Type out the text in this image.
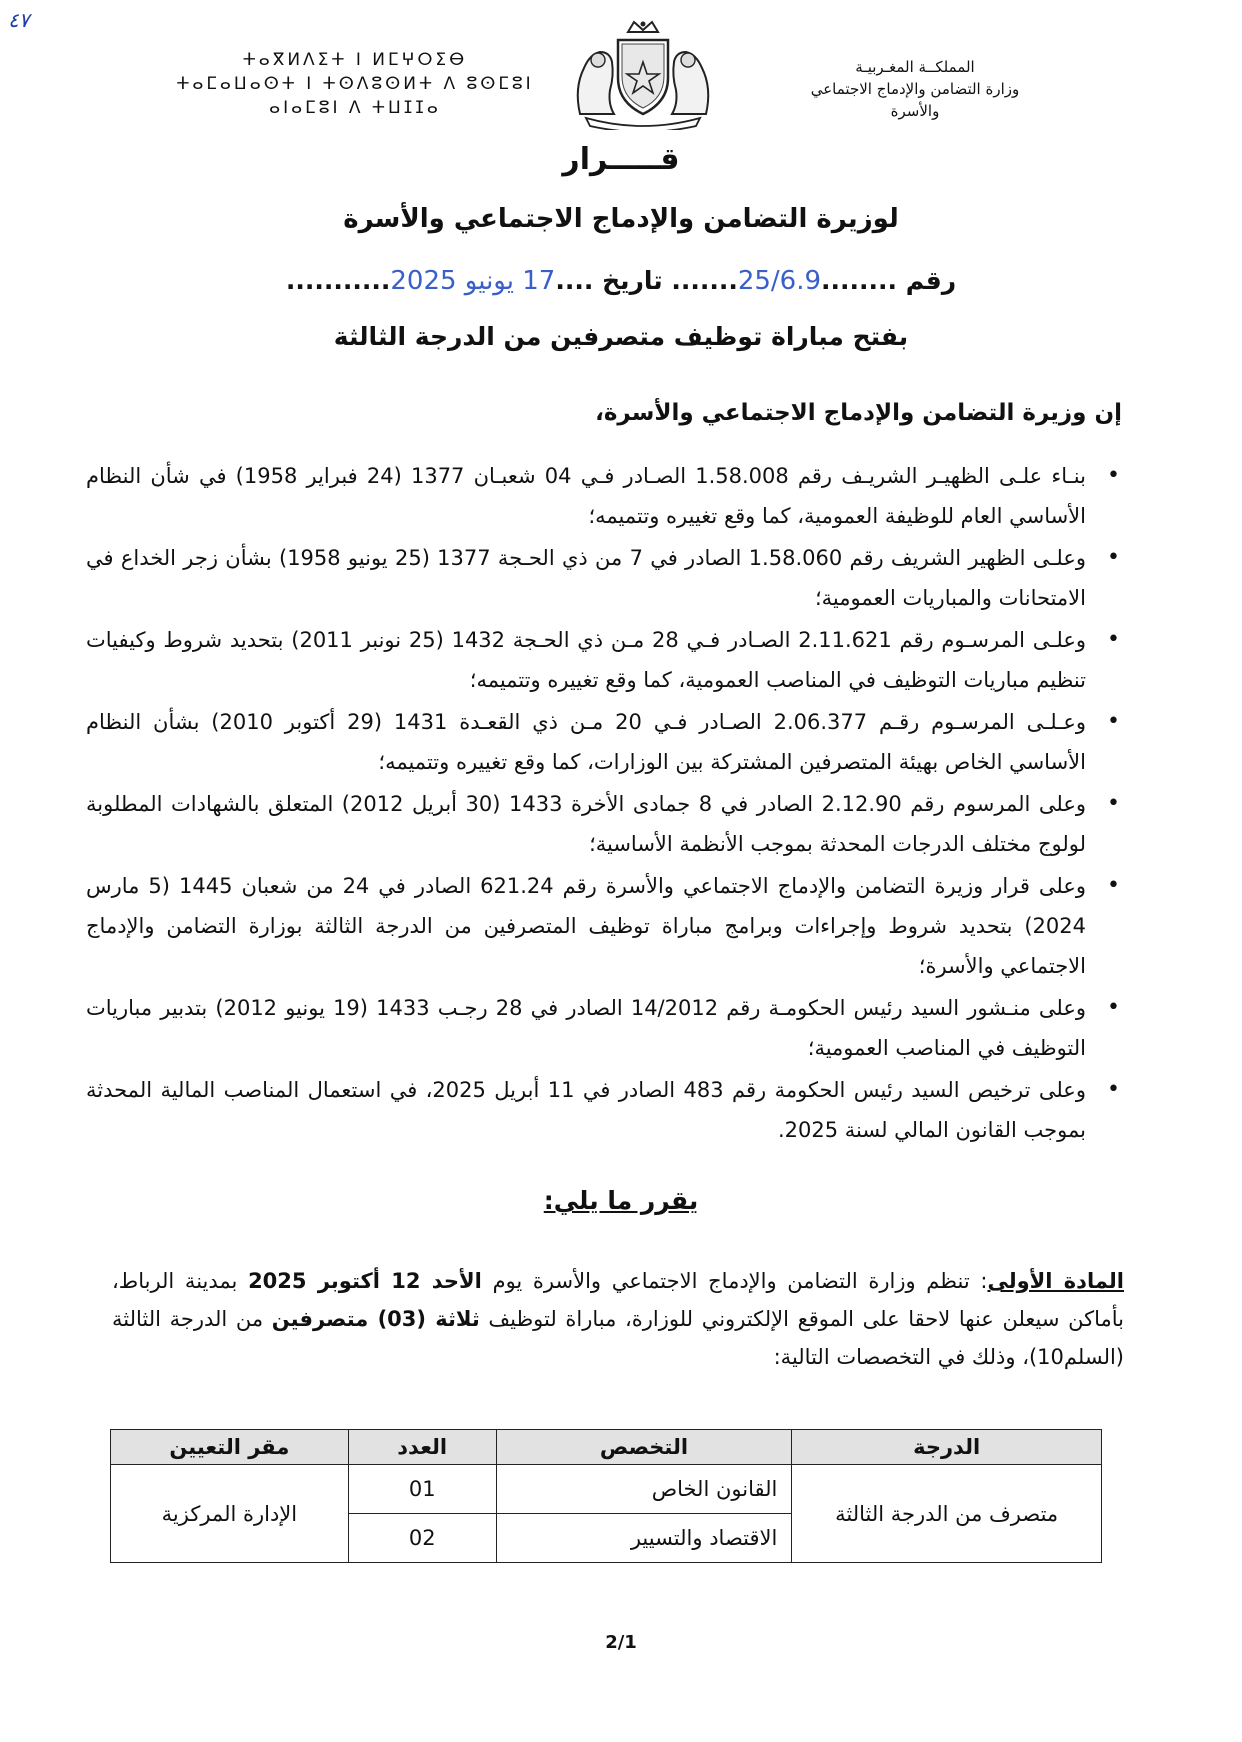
٤٧
ⵜⴰⴳⵍⴷⵉⵜ ⵏ ⵍⵎⵖⵔⵉⴱ
ⵜⴰⵎⴰⵡⴰⵙⵜ ⵏ ⵜⵙⴷⵓⵙⵍⵜ ⴷ ⵓⵙⵎⵓⵏ
ⴰⵏⴰⵎⵓⵏ ⴷ ⵜⵡⵊⵊⴰ
المملكــة المغـربيـة
وزارة التضامن والإدماج الاجتماعي
والأسرة
قـــــرار
لوزيرة التضامن والإدماج الاجتماعي والأسرة
رقم ........25/6.9....... تاريخ ....17 يونيو 2025...........
بفتح مباراة توظيف متصرفين من الدرجة الثالثة
إن وزيرة التضامن والإدماج الاجتماعي والأسرة،
• بنـاء علـى الظهيـر الشريـف رقم 1.58.008 الصـادر فـي 04 شعبـان 1377 (24 فبراير 1958) في شأن النظام الأساسي العام للوظيفة العمومية، كما وقع تغييره وتتميمه؛
• وعلـى الظهير الشريف رقم 1.58.060 الصادر في 7 من ذي الحـجة 1377 (25 يونيو 1958) بشأن زجر الخداع في الامتحانات والمباريات العمومية؛
• وعلـى المرسـوم رقم 2.11.621 الصـادر فـي 28 مـن ذي الحـجة 1432 (25 نونبر 2011) بتحديد شروط وكيفيات تنظيم مباريات التوظيف في المناصب العمومية، كما وقع تغييره وتتميمه؛
• وعـلـى المرسـوم رقـم 2.06.377 الصـادر فـي 20 مـن ذي القعـدة 1431 (29 أكتوبر 2010) بشأن النظام الأساسي الخاص بهيئة المتصرفين المشتركة بين الوزارات، كما وقع تغييره وتتميمه؛
• وعلى المرسوم رقم 2.12.90 الصادر في 8 جمادى الأخرة 1433 (30 أبريل 2012) المتعلق بالشهادات المطلوبة لولوج مختلف الدرجات المحدثة بموجب الأنظمة الأساسية؛
• وعلى قرار وزيرة التضامن والإدماج الاجتماعي والأسرة رقم 621.24 الصادر في 24 من شعبان 1445 (5 مارس 2024) بتحديد شروط وإجراءات وبرامج مباراة توظيف المتصرفين من الدرجة الثالثة بوزارة التضامن والإدماج الاجتماعي والأسرة؛
• وعلى منـشور السيد رئيس الحكومـة رقم 14/2012 الصادر في 28 رجـب 1433 (19 يونيو 2012) بتدبير مباريات التوظيف في المناصب العمومية؛
• وعلى ترخيص السيد رئيس الحكومة رقم 483 الصادر في 11 أبريل 2025، في استعمال المناصب المالية المحدثة بموجب القانون المالي لسنة 2025.
يقرر ما يلي:
المادة الأولى: تنظم وزارة التضامن والإدماج الاجتماعي والأسرة يوم الأحد 12 أكتوبر 2025 بمدينة الرباط، بأماكن سيعلن عنها لاحقا على الموقع الإلكتروني للوزارة، مباراة لتوظيف ثلاثة (03) متصرفين من الدرجة الثالثة (السلم10)، وذلك في التخصصات التالية:
الدرجة	التخصص	العدد	مقر التعيين
متصرف من الدرجة الثالثة	القانون الخاص	01	الإدارة المركزية
	الاقتصاد والتسيير	02	
2/1
